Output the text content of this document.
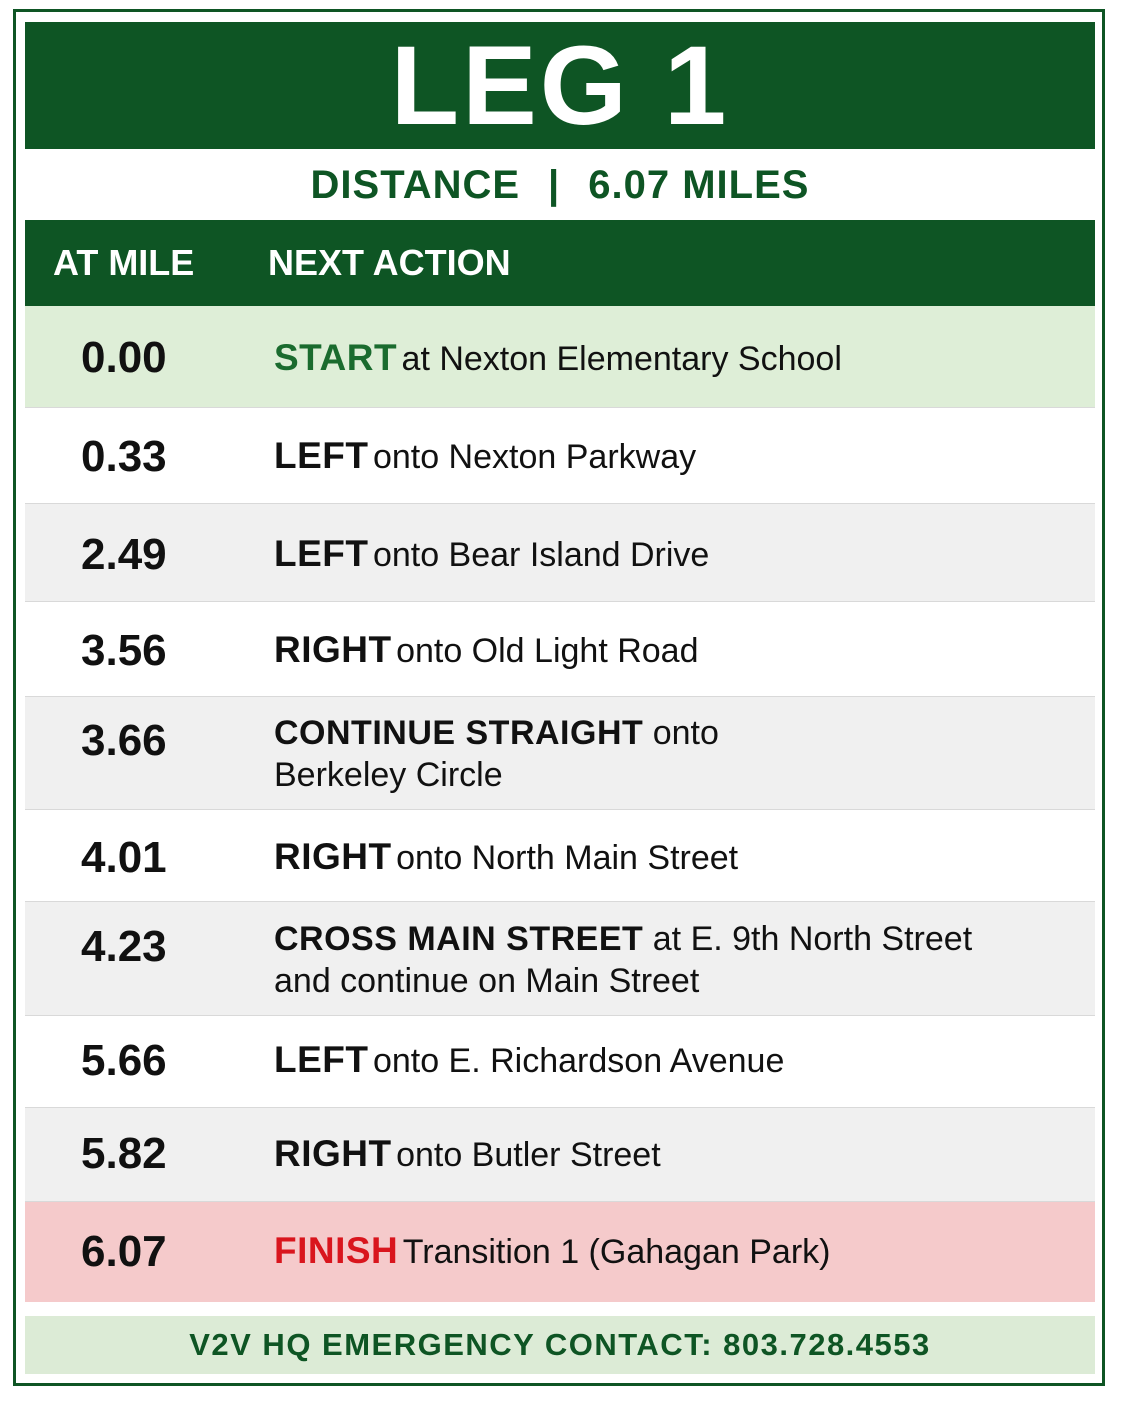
LEG 1
DISTANCE | 6.07 MILES
AT MILE NEXT ACTION
0.00	START at Nexton Elementary School
0.33	LEFT onto Nexton Parkway
2.49	LEFT onto Bear Island Drive
3.56	RIGHT onto Old Light Road
3.66	CONTINUE STRAIGHT onto
Berkeley Circle
4.01	RIGHT onto North Main Street
4.23	CROSS MAIN STREET at E. 9th North Street
and continue on Main Street
5.66	LEFT onto E. Richardson Avenue
5.82	RIGHT onto Butler Street
6.07	FINISH Transition 1 (Gahagan Park)
V2V HQ EMERGENCY CONTACT: 803.728.4553
